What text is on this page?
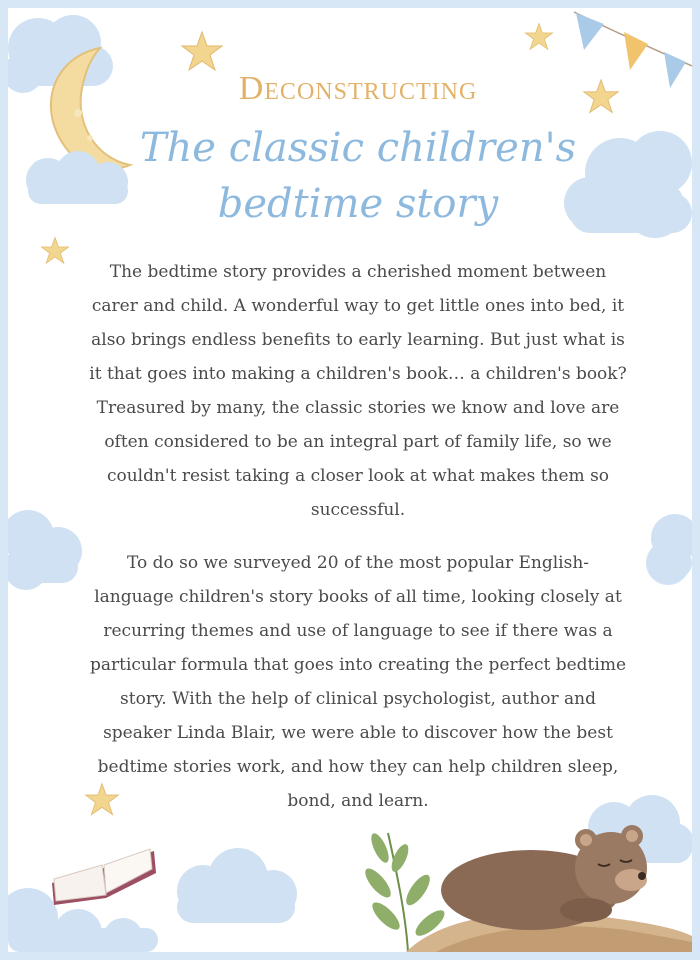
Deconstructing
The classic children's bedtime story

The bedtime story provides a cherished moment between carer and child. A wonderful way to get little ones into bed, it also brings endless benefits to early learning. But just what is it that goes into making a children's book… a children's book? Treasured by many, the classic stories we know and love are often considered to be an integral part of family life, so we couldn't resist taking a closer look at what makes them so successful.

To do so we surveyed 20 of the most popular English-language children's story books of all time, looking closely at recurring themes and use of language to see if there was a particular formula that goes into creating the perfect bedtime story. With the help of clinical psychologist, author and speaker Linda Blair, we were able to discover how the best bedtime stories work, and how they can help children sleep, bond, and learn.
